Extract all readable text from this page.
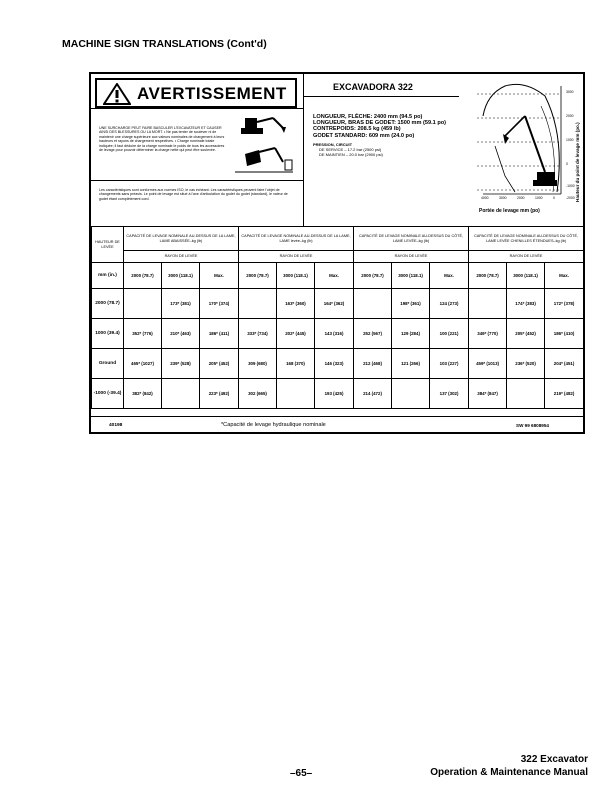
MACHINE SIGN TRANSLATIONS (Cont'd)
AVERTISSEMENT
UNE SURCHARGE PEUT FAIRE BASCULER L'EXCAVATEUR ET CAUSER AINSI DES BLESSURES OU LA MORT. • Ne pas tenter de soulever ni de maintenir une charge supérieure aux valeurs nominales de chargement à leurs hauteurs et rayons de chargement respectives. • Charge nominale totale indiquée; il faut déduire de la charge nominale le poids de tous les accessoires de levage pour pouvoir déterminer la charge nette qui peut être soulevée.
Les caractéristiques sont conformes aux normes ISO, le cas échéant. Les caractéristiques peuvent faire l'objet de changements sans préavis. Le point de levage est situé à l'axe d'articulation du godet du godet (standard), le valeur de godet étant complètement cord.
EXCAVADORA 322
LONGUEUR, FLÈCHE: 2400 mm (94.5 po)
LONGUEUR, BRAS DE GODET: 1500 mm (59.1 po)
CONTREPOIDS: 208.5 kg (459 lb)
GODET STANDARD: 609 mm (24.0 po)
PRESSION, CIRCUIT
DE SERVICE – 17.2 bar (2500 psi)
DE MAINTIEN – 20.0 bar (2900 psi)
3000
2000
1000
0
-1000
-2000
4000	3000	2000	1000	0
Portée de levage mm (po)
Hauteur du point de levage mm (po.)
HAUTEUR DE LEVÉE	CAPACITÉ DE LEVAGE NOMINALE AU-DESSUS DE LA LAME, LAME ABAISSÉE–kg (lb)			CAPACITÉ DE LEVAGE NOMINALE AU-DESSUS DE LA LAME, LAME levée–kg (lb)			CAPACITÉ DE LEVAGE NOMINALE AU-DESSUS DU CÔTÉ, LAME LEVÉE–kg (lb)			CAPACITÉ DE LEVAGE NOMINALE AU-DESSUS DU CÔTÉ, LAME LEVÉE CHENILLES ÉTENDUES–kg (lb)		
	RAYON DE LEVÉE			RAYON DE LEVÉE			RAYON DE LEVÉE			RAYON DE LEVÉE		
mm (in.)	2000 (78.7)	3000 (118.1)	Max.	2000 (78.7)	3000 (118.1)	Max.	2000 (78.7)	3000 (118.1)	Max.	2000 (78.7)	3000 (118.1)	Max.
2000 (78.7)		173* (381)	170* (374)		163* (360)	164* (362)		198* (361)	124 (273)		174* (383)	172* (378)
1000 (39.4)	352* (776)	210* (463)	186* (411)	333* (734)	202* (445)	143 (316)	252 (567)	129 (284)	100 (221)	349* (770)	205* (452)	186* (410)
Ground	465* (1027)	239* (528)	205* (452)	309 (680)	168 (370)	146 (323)	212 (468)	121 (266)	103 (227)	459* (1013)	236* (520)	204* (451)
-1000 (-39.4)	382* (842)		223* (492)	302 (665)		193 (425)	214 (472)		137 (302)	384* (847)		219* (482)
40198	*Capacité de levage hydraulique nominale	SW 99 6808954
–65–
322 Excavator
Operation & Maintenance Manual
